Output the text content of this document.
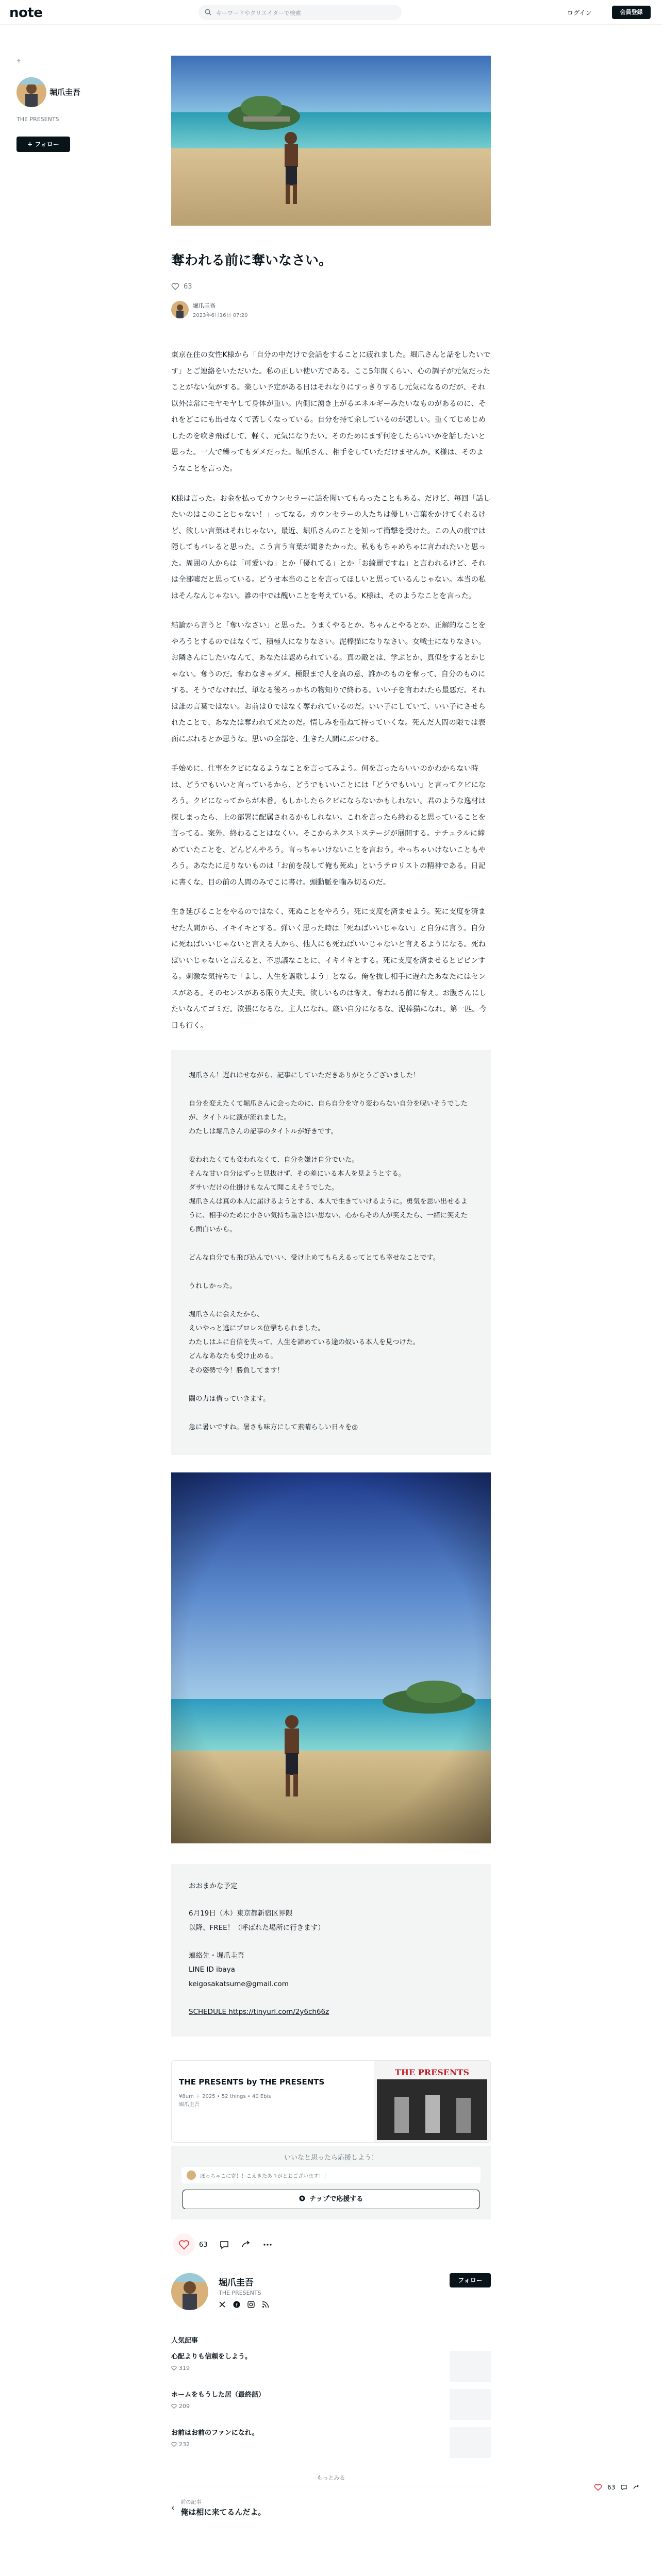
note	キーワードやクリエイターで検索	ログイン	会員登録
サ
堀爪圭吾
THE PRESENTS
+ フォロー
奪われる前に奪いなさい。
63
堀爪圭吾
2023年6月16日 07:20

東京在住の女性K様から「自分の中だけで会話をすることに疲れました。堀爪さんと話をしたいです」とご連絡をいただいた。私の正しい使い方である。ここ5年間くらい、心の調子が元気だったことがない気がする。楽しい予定がある日はそれなりにすっきりするし元気になるのだが、それ以外は常にモヤモヤして身体が重い。内側に湧き上がるエネルギーみたいなものがあるのに、それをどこにも出せなくて苦しくなっている。自分を持て余しているのが悲しい。重くてじめじめしたのを吹き飛ばして、軽く、元気になりたい。そのためにまず何をしたらいいかを話したいと思った。一人で繰ってもダメだった。堀爪さん、相手をしていただけませんか。K様は、そのようなことを言った。

K様は言った。お金を払ってカウンセラーに話を聞いてもらったこともある。だけど、毎回「話したいのはこのことじゃない！」ってなる。カウンセラーの人たちは優しい言葉をかけてくれるけど、欲しい言葉はそれじゃない。最近、堀爪さんのことを知って衝撃を受けた。この人の前では隠してもバレると思った。こう言う言葉が聞きたかった。私ももちゃめちゃに言われたいと思った。周囲の人からは「可愛いね」とか「優れてる」とか「お綺麗ですね」と言われるけど、それは全部嘘だと思っている。どうせ本当のことを言ってほしいと思っているんじゃない。本当の私はそんなんじゃない。誰の中では醜いことを考えている。K様は、そのようなことを言った。

結論から言うと「奪いなさい」と思った。うまくやるとか、ちゃんとやるとか、正解的なことをやろうとするのではなくて、積極人になりなさい。泥棒猫になりなさい。女戦士になりなさい。お隣さんにしたいなんて、あなたは認められている。真の敵とは、学ぶとか、真似をするとかじゃない。奪うのだ。奪わなきゃダメ。極限まで人を真の意、誰かのものを奪って、自分のものにする。そうでなければ、単なる後ろっかちの物知りで終わる。いい子を言われたら最悪だ。それは誰の言葉ではない。お前は０ではなく奪われているのだ。いい子にしていて、いい子にさせられたことで、あなたは奪われて来たのだ。情しみを重ねて持っていくな。死んだ人間の限では表面にぶれるとか思うな。思いの全部を、生きた人間にぶつける。

手始めに、仕事をクビになるようなことを言ってみよう。何を言ったらいいのかわからない時は、どうでもいいと言っているから、どうでもいいことには「どうでもいい」と言ってクビになろう。クビになってからが本番。もしかしたらクビにならないかもしれない。君のような逸材は探しまったら、上の部署に配属されるかもしれない。これを言ったら終わると思っていることを言ってる。案外、終わることはなくい。そこからネクストステージが展開する。ナチュラルに締めていたことを、どんどんやろう。言っちゃいけないことを言おう。やっちゃいけないこともやろう。あなたに足りないものは「お前を殺して俺も死ぬ」というテロリストの精神である。日記に書くな、目の前の人間のみでこに書け。頭動脈を噛み切るのだ。

生き延びることをやるのではなく、死ぬことをやろう。死に支度を済ませよう。死に支度を済ませた人間から、イキイキとする。弾いく思った時は「死ねばいいじゃない」と自分に言う。自分に死ねばいいじゃないと言える人から、他人にも死ねばいいじゃないと言えるようになる。死ねばいいじゃないと言えると、不思議なことに、イキイキとする。死に支度を済ませるとビビンする。刺激な気持ちで「よし、人生を謳歌しよう」となる。俺を抜し相手に遅れたあなたにはセンスがある。そのセンスがある限り大丈夫。欲しいものは奪え。奪われる前に奪え。お腹さんにしたいなんてゴミだ。欲張になるな。主人になれ。厳い自分になるな。泥棒猫になれ。第一匹。今日も行く。

堀爪さん！遅れはせながら、記事にしていただきありがとうございました！

自分を変えたくて堀爪さんに会ったのに、自ら自分を守り変わらない自分を呪いそうでしたが、タイトルに演が流れました。

わたしは堀爪さんの記事のタイトルが好きです。

変われたくても変われなくて、自分を嫌け自分でいた。

そんな甘い自分はずっと見抜けず、その差にいる本人を見ようとする。

ダサいだけの仕掛けもなんて聞こえそうでした。

堀爪さんは真の本人に届けるようとする、本人で生きていけるように。勇気を思い出せるように、相手のために小さい気持ち重さはい思ない、心からその人が笑えたら、一緒に笑えたら面白いから。

どんな自分でも飛び込んでいい、受け止めてもらえるってとても幸せなことです。

うれしかった。

堀爪さんに会えたから、

えいやっと逃にプロレス位撃ちられました。

わたしはふに自信を失って、人生を諦めている途の奴いる本人を見つけた。

どんなあなたも受け止める。

その姿勢で今！勝負してます！

闘の力は借っていきます。

急に暑いですね。暑さも味方にして素晴らしい日々を◎

おおまかな予定
6月19日（木）東京都新宿区界隈
以降、FREE！（呼ばれた場所に行きます）
連絡先・堀爪圭吾
LINE ID ibaya
keigosakatsume@gmail.com
SCHEDULE https://tinyurl.com/2y6ch66z
THE PRESENTS by THE PRESENTS
¥8um ＋ 2025 • 52 things • 40 Ebis
堀爪圭吾
THE PRESENTS
いいなと思ったら応援しよう！
ぼっちゃこに寄！！こえきたありがとおございます！！
¥ チップで応援する
63
堀爪圭吾
THE PRESENTS
f
フォロー
人気記事
心配よりも信頼をしよう。
319
ホームをもうした居（最終話）
209
お前はお前のファンになれ。
232
もっとみる
‹ 前の記事
俺は相に来てるんだよ。
63
